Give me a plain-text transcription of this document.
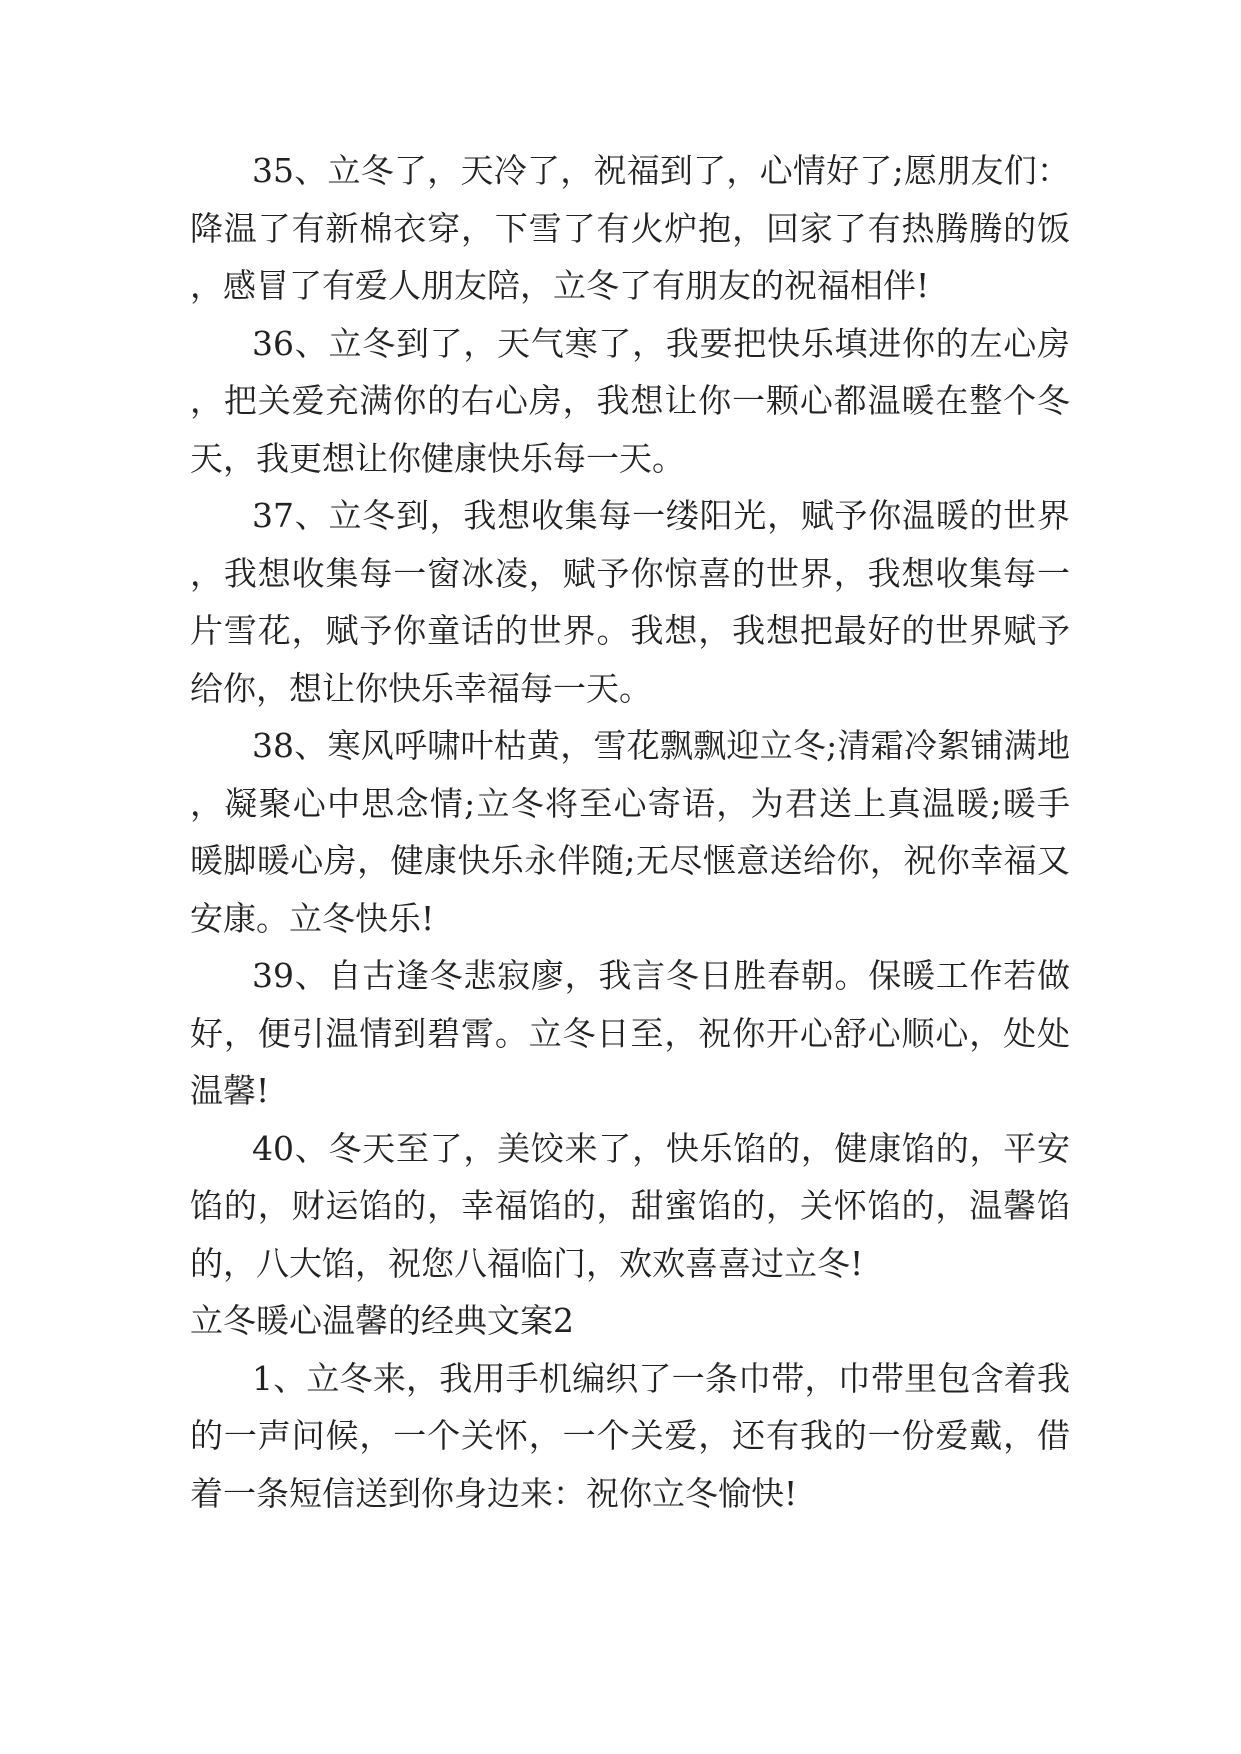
35、立冬了，天冷了，祝福到了，心情好了;愿朋友们：降温了有新棉衣穿，下雪了有火炉抱，回家了有热腾腾的饭，感冒了有爱人朋友陪，立冬了有朋友的祝福相伴!

36、立冬到了，天气寒了，我要把快乐填进你的左心房，把关爱充满你的右心房，我想让你一颗心都温暖在整个冬天，我更想让你健康快乐每一天。

37、立冬到，我想收集每一缕阳光，赋予你温暖的世界，我想收集每一窗冰凌，赋予你惊喜的世界，我想收集每一片雪花，赋予你童话的世界。我想，我想把最好的世界赋予给你，想让你快乐幸福每一天。

38、寒风呼啸叶枯黄，雪花飘飘迎立冬;清霜冷絮铺满地，凝聚心中思念情;立冬将至心寄语，为君送上真温暖;暖手暖脚暖心房，健康快乐永伴随;无尽惬意送给你，祝你幸福又安康。立冬快乐!

39、自古逢冬悲寂廖，我言冬日胜春朝。保暖工作若做好，便引温情到碧霄。立冬日至，祝你开心舒心顺心，处处温馨!

40、冬天至了，美饺来了，快乐馅的，健康馅的，平安馅的，财运馅的，幸福馅的，甜蜜馅的，关怀馅的，温馨馅的，八大馅，祝您八福临门，欢欢喜喜过立冬!

立冬暖心温馨的经典文案2

1、立冬来，我用手机编织了一条巾带，巾带里包含着我的一声问候，一个关怀，一个关爱，还有我的一份爱戴，借着一条短信送到你身边来：祝你立冬愉快!
